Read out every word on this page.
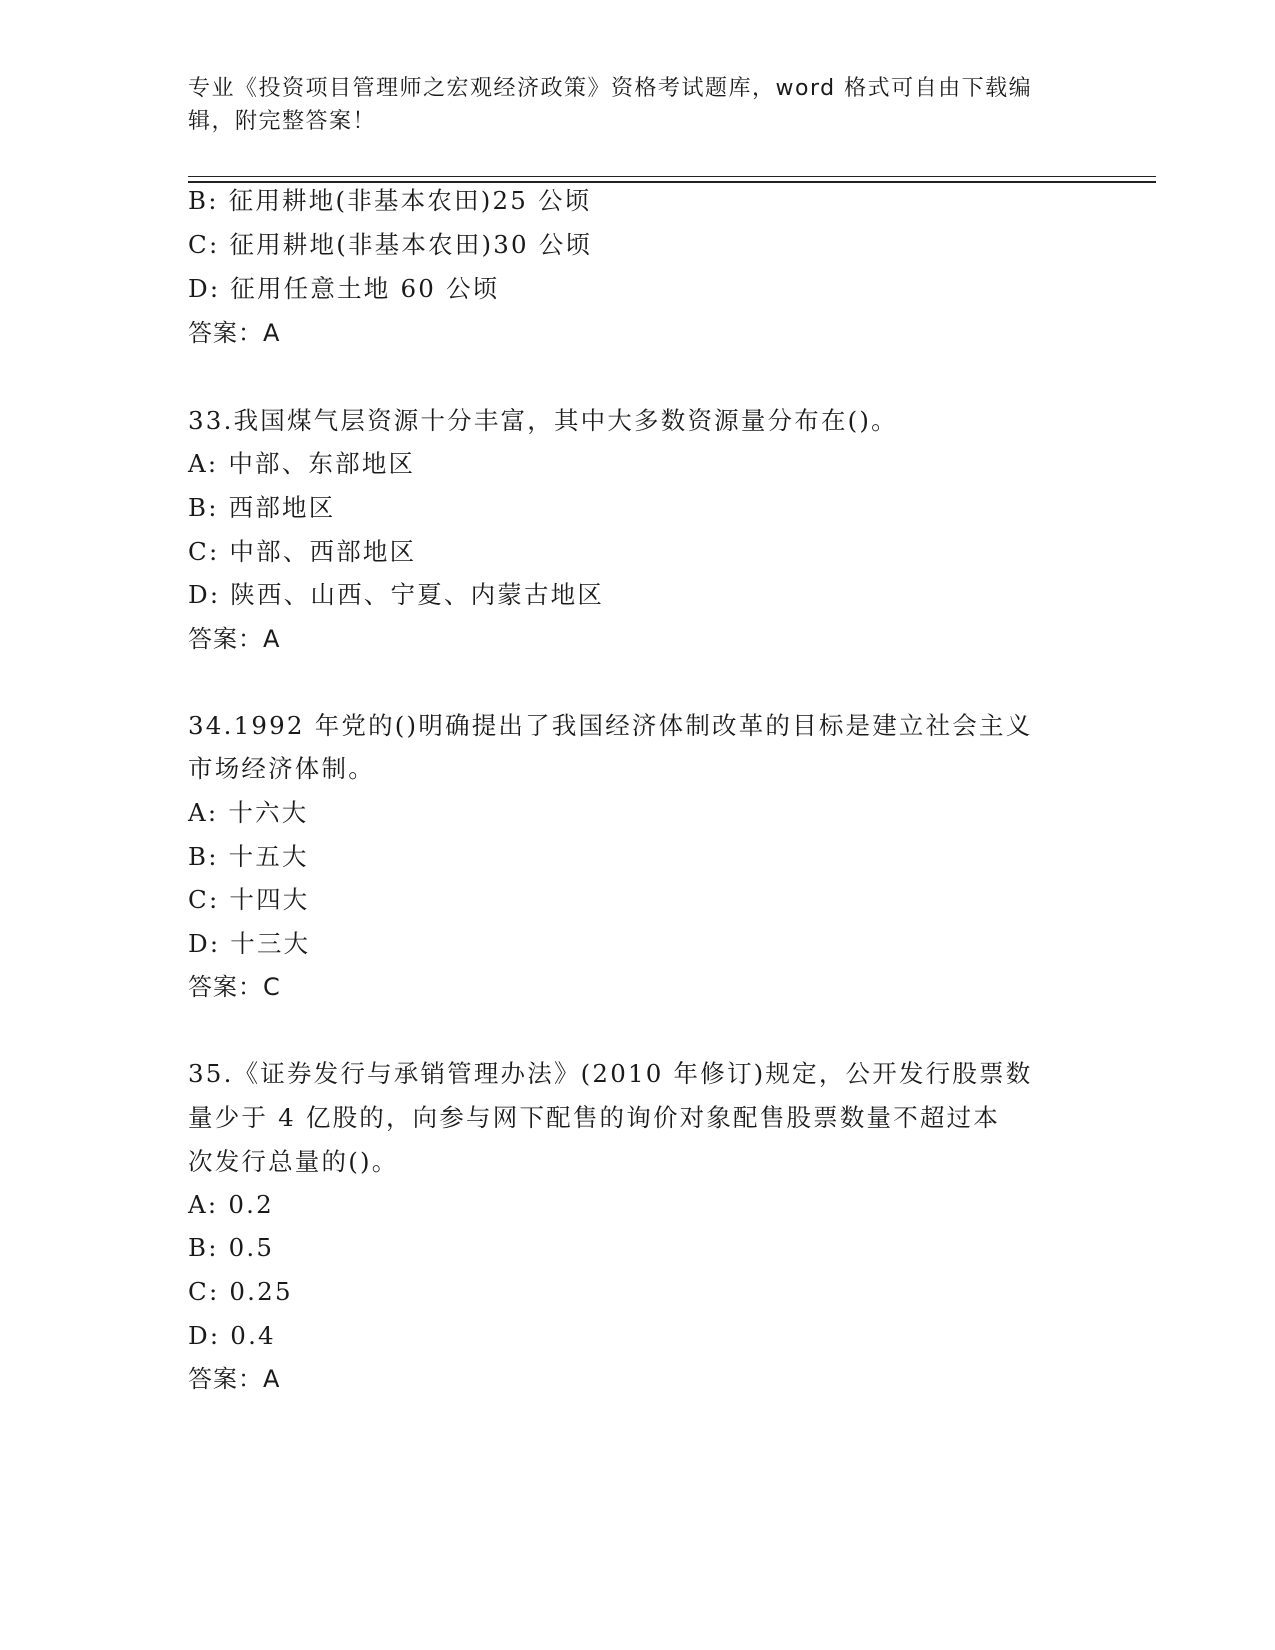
专业《投资项目管理师之宏观经济政策》资格考试题库，word 格式可自由下载编
辑，附完整答案！
B: 征用耕地(非基本农田)25 公顷
C: 征用耕地(非基本农田)30 公顷
D: 征用任意土地 60 公顷
答案：A
33.我国煤气层资源十分丰富，其中大多数资源量分布在()。
A: 中部、东部地区
B: 西部地区
C: 中部、西部地区
D: 陕西、山西、宁夏、内蒙古地区
答案：A
34.1992 年党的()明确提出了我国经济体制改革的目标是建立社会主义
市场经济体制。
A: 十六大
B: 十五大
C: 十四大
D: 十三大
答案：C
35.《证券发行与承销管理办法》(2010 年修订)规定，公开发行股票数
量少于 4 亿股的，向参与网下配售的询价对象配售股票数量不超过本
次发行总量的()。
A: 0.2
B: 0.5
C: 0.25
D: 0.4
答案：A
